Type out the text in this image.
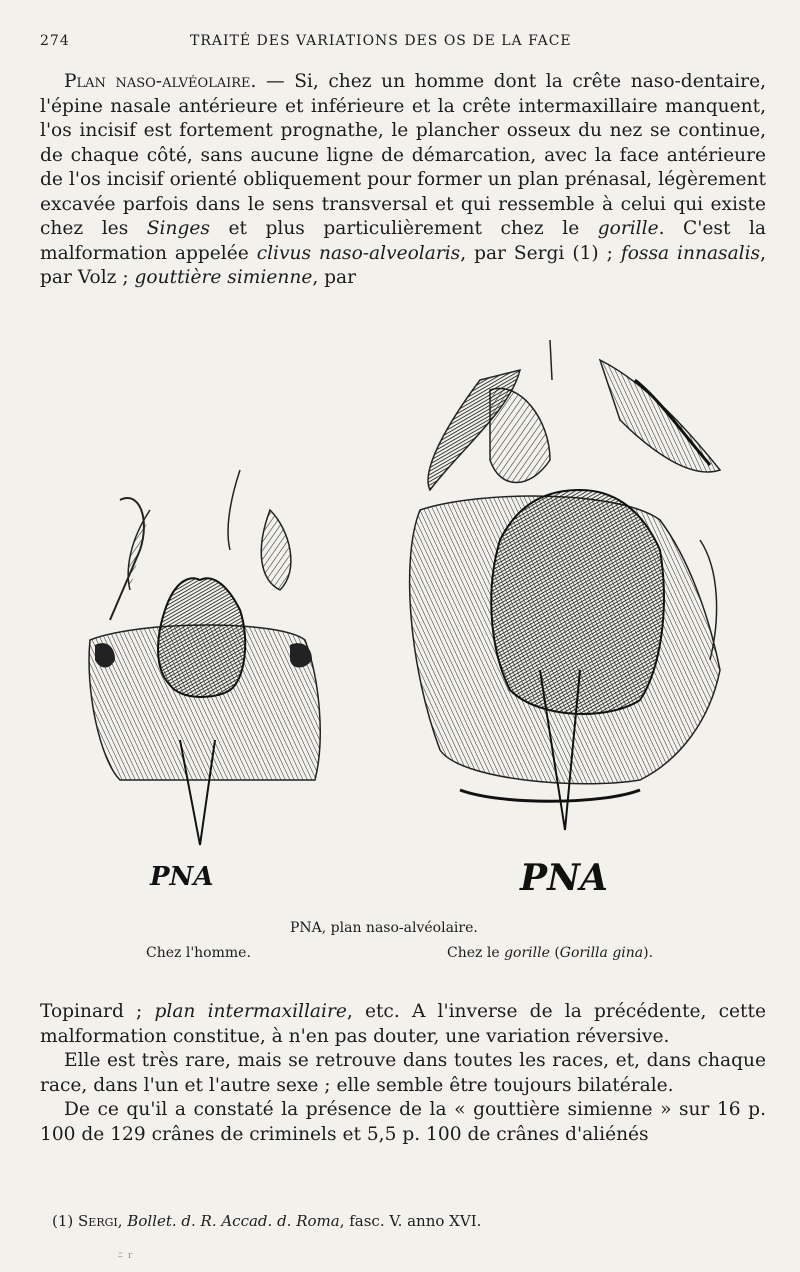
274	TRAITÉ DES VARIATIONS DES OS DE LA FACE

Plan naso-alvéolaire. — Si, chez un homme dont la crête naso-dentaire, l'épine nasale antérieure et inférieure et la crête intermaxillaire manquent, l'os incisif est fortement prognathe, le plancher osseux du nez se continue, de chaque côté, sans aucune ligne de démarcation, avec la face antérieure de l'os incisif orienté obliquement pour former un plan prénasal, légèrement excavée parfois dans le sens transversal et qui ressemble à celui qui existe chez les Singes et plus particulièrement chez le gorille. C'est la malformation appelée clivus naso-alveolaris, par Sergi (1) ; fossa innasalis, par Volz ; gouttière simienne, par

PNA	PNA
PNA, plan naso-alvéolaire.
Chez l'homme.	Chez le gorille (Gorilla gina).

Topinard ; plan intermaxillaire, etc. A l'inverse de la précédente, cette malformation constitue, à n'en pas douter, une variation réversive.

Elle est très rare, mais se retrouve dans toutes les races, et, dans chaque race, dans l'un et l'autre sexe ; elle semble être toujours bilatérale.

De ce qu'il a constaté la présence de la « gouttière simienne » sur 16 p. 100 de 129 crânes de criminels et 5,5 p. 100 de crânes d'aliénés

(1) Sergi, Bollet. d. R. Accad. d. Roma, fasc. V. anno XVI.
ﾆ ｒ
